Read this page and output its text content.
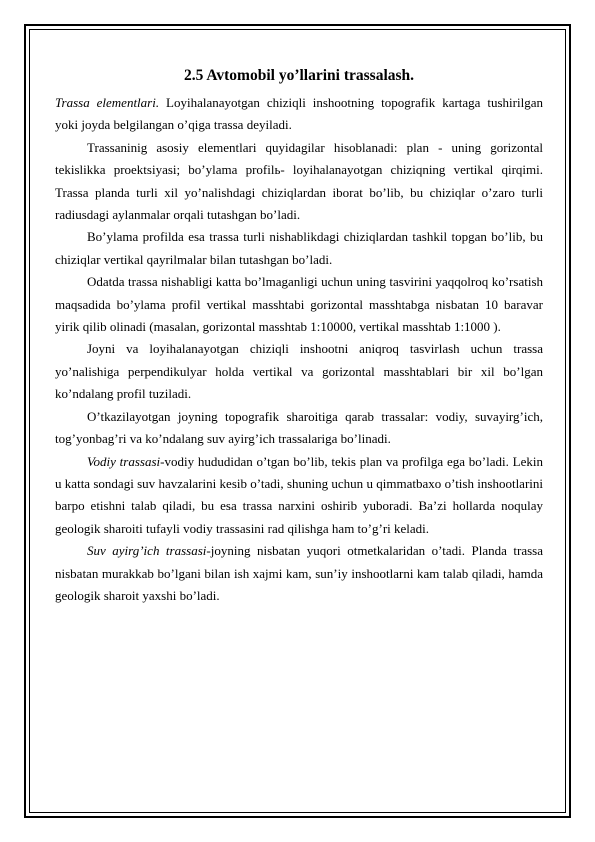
2.5 Avtomobil yo’llarini trassalash.

Trassa elementlari. Loyihalanayotgan chiziqli inshootning topografik kartaga tushirilgan yoki joyda belgilangan o’qiga trassa deyiladi.

Trassaninig asosiy elementlari quyidagilar hisoblanadi: plan - uning gorizontal tekislikka proektsiyasi; bo’ylama profilь- loyihalanayotgan chiziqning vertikal qirqimi. Trassa planda turli xil yo’nalishdagi chiziqlardan iborat bo’lib, bu chiziqlar o’zaro turli radiusdagi aylanmalar orqali tutashgan bo’ladi.

Bo’ylama profilda esa trassa turli nishablikdagi chiziqlardan tashkil topgan bo’lib, bu chiziqlar vertikal qayrilmalar bilan tutashgan bo’ladi.

Odatda trassa nishabligi katta bo’lmaganligi uchun uning tasvirini yaqqolroq ko’rsatish maqsadida bo’ylama profil vertikal masshtabi gorizontal masshtabga nisbatan 10 baravar yirik qilib olinadi (masalan, gorizontal masshtab 1:10000, vertikal masshtab 1:1000 ).

Joyni va loyihalanayotgan chiziqli inshootni aniqroq tasvirlash uchun trassa yo’nalishiga perpendikulyar holda vertikal va gorizontal masshtablari bir xil bo’lgan ko’ndalang profil tuziladi.

O’tkazilayotgan joyning topografik sharoitiga qarab trassalar: vodiy, suvayirg’ich, tog’yonbag’ri va ko’ndalang suv ayirg’ich trassalariga bo’linadi.

Vodiy trassasi-vodiy hududidan o’tgan bo’lib, tekis plan va profilga ega bo’ladi. Lekin u katta sondagi suv havzalarini kesib o’tadi, shuning uchun u qimmatbaxo o’tish inshootlarini barpo etishni talab qiladi, bu esa trassa narxini oshirib yuboradi. Ba’zi hollarda noqulay geologik sharoiti tufayli vodiy trassasini rad qilishga ham to’g’ri keladi.

Suv ayirg’ich trassasi-joyning nisbatan yuqori otmetkalaridan o’tadi. Planda trassa nisbatan murakkab bo’lgani bilan ish xajmi kam, sun’iy inshootlarni kam talab qiladi, hamda geologik sharoit yaxshi bo’ladi.
